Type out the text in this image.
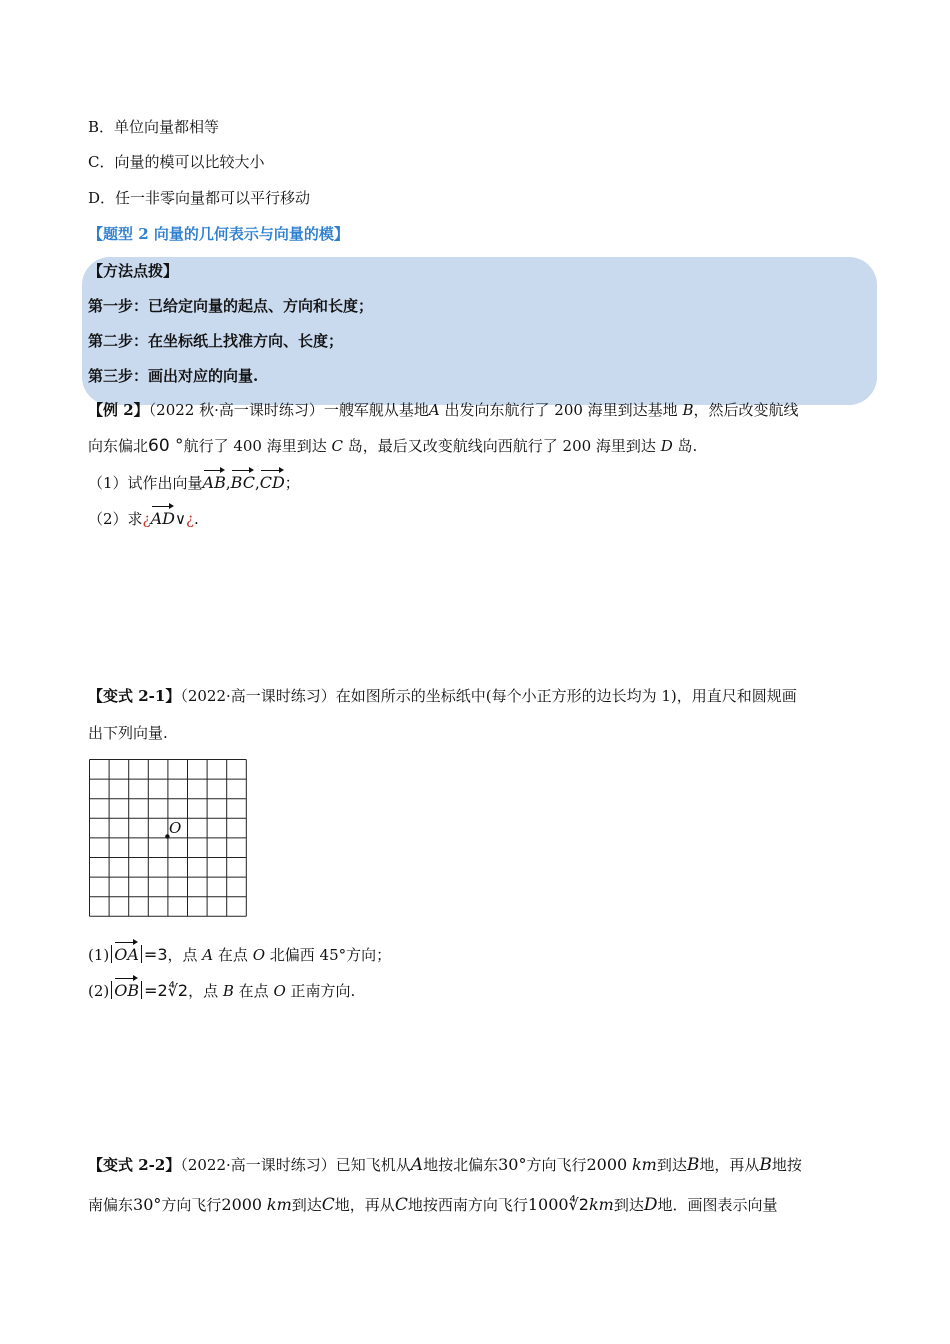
B．单位向量都相等
C．向量的模可以比较大小
D．任一非零向量都可以平行移动
【题型 2 向量的几何表示与向量的模】
【方法点拨】
第一步：已给定向量的起点、方向和长度；
第二步：在坐标纸上找准方向、长度；
第三步：画出对应的向量.
【例 2】（2022 秋·高一课时练习）一艘军舰从基地A 出发向东航行了 200 海里到达基地 B，然后改变航线
向东偏北60 °航行了 400 海里到达 C 岛，最后又改变航线向西航行了 200 海里到达 D 岛.
（1）试作出向量AB,BC,CD；
（2）求¿AD∨¿.
【变式 2-1】（2022·高一课时练习）在如图所示的坐标纸中(每个小正方形的边长均为 1)，用直尺和圆规画
出下列向量.
O
(1) ‖ OA ‖ =3，点 A 在点 O 北偏西 45°方向；
(2) ‖ OB ‖ =2∜2，点 B 在点 O 正南方向.
【变式 2-2】（2022·高一课时练习）已知飞机从A地按北偏东30°方向飞行2000 km到达B地，再从B地按
南偏东30°方向飞行2000 km到达C地，再从C地按西南方向飞行1000∜2km到达D地．画图表示向量
